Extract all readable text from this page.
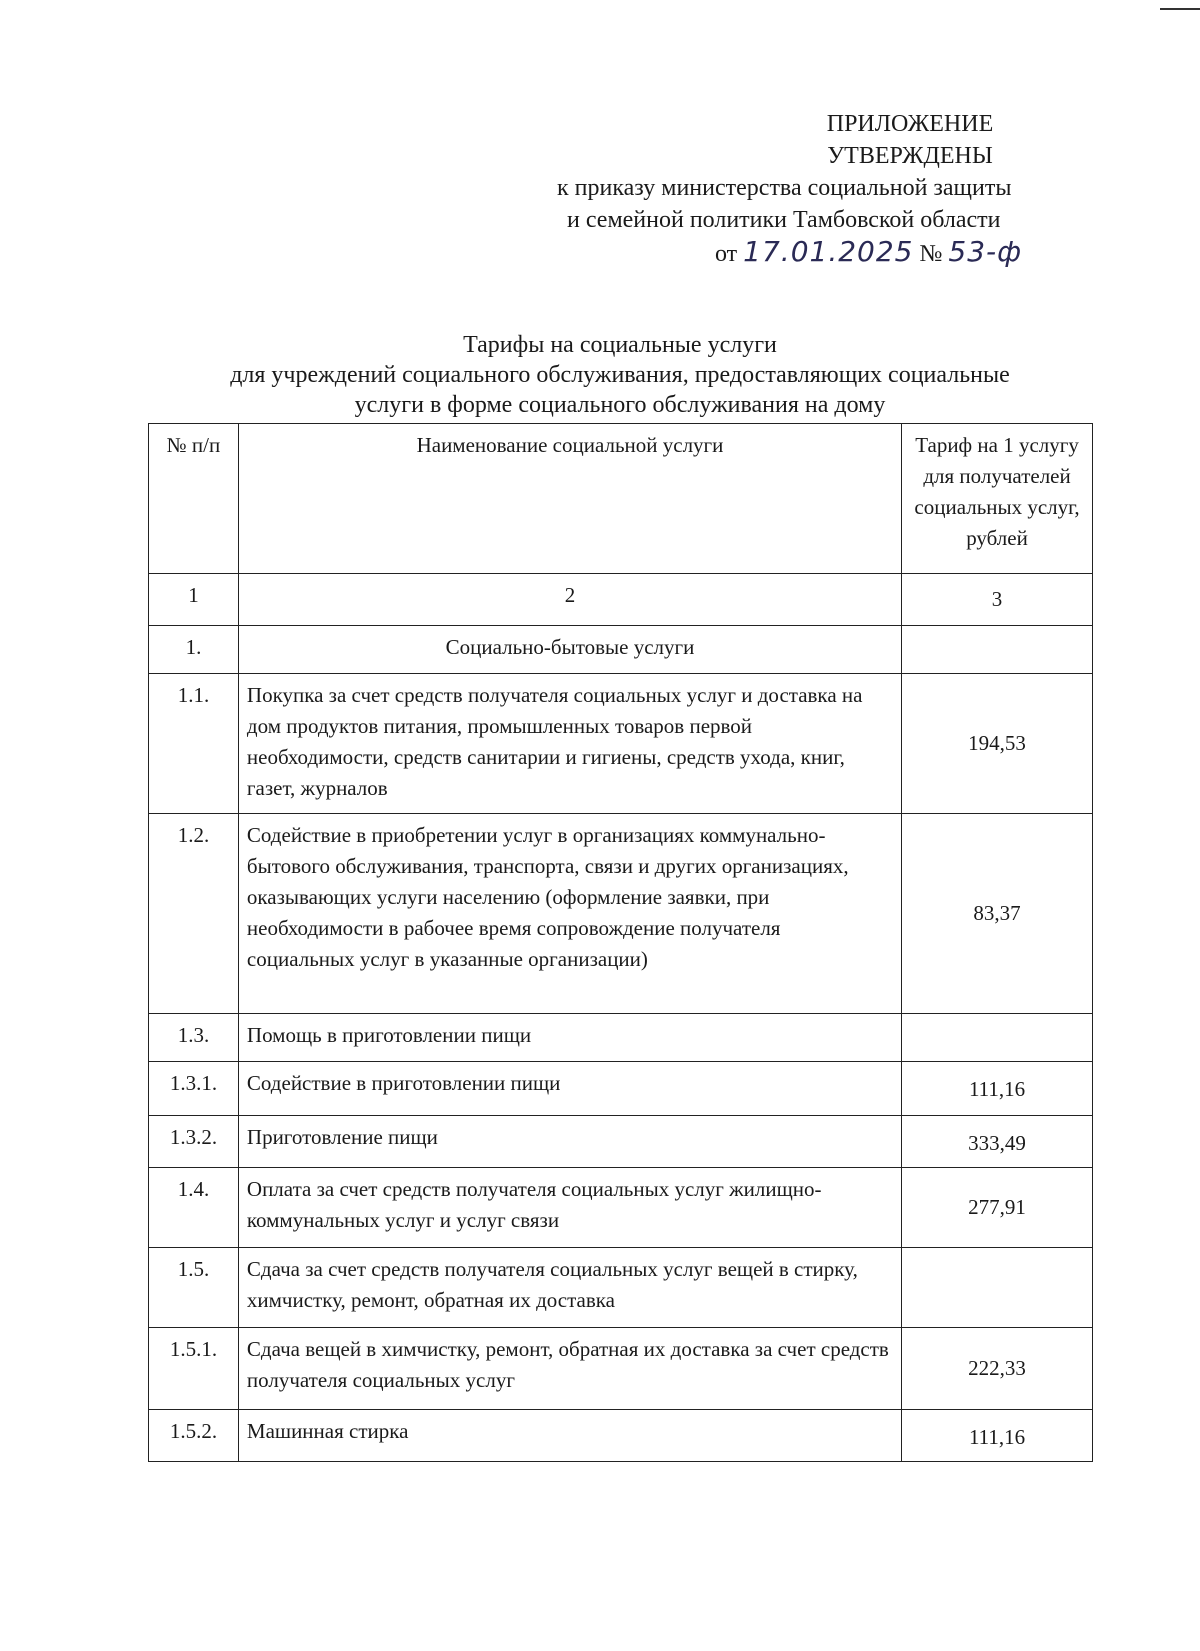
ПРИЛОЖЕНИЕ
УТВЕРЖДЕНЫ
к приказу министерства социальной защиты
и семейной политики Тамбовской области
от 17.01.2025 № 53-ф
Тарифы на социальные услуги
для учреждений социального обслуживания, предоставляющих социальные
услуги в форме социального обслуживания на дому
№ п/п	Наименование социальной услуги	Тариф на 1 услугу для получателей социальных услуг, рублей
1	2	3
1.	Социально-бытовые услуги	
1.1.	Покупка за счет средств получателя социальных услуг и доставка на дом продуктов питания, промышленных товаров первой необходимости, средств санитарии и гигиены, средств ухода, книг, газет, журналов	194,53
1.2.	Содействие в приобретении услуг в организациях коммунально-бытового обслуживания, транспорта, связи и других организациях, оказывающих услуги населению (оформление заявки, при необходимости в рабочее время сопровождение получателя социальных услуг в указанные организации)	83,37
1.3.	Помощь в приготовлении пищи	
1.3.1.	Содействие в приготовлении пищи	111,16
1.3.2.	Приготовление пищи	333,49
1.4.	Оплата за счет средств получателя социальных услуг жилищно-коммунальных услуг и услуг связи	277,91
1.5.	Сдача за счет средств получателя социальных услуг вещей в стирку, химчистку, ремонт, обратная их доставка	
1.5.1.	Сдача вещей в химчистку, ремонт, обратная их доставка за счет средств получателя социальных услуг	222,33
1.5.2.	Машинная стирка	111,16
